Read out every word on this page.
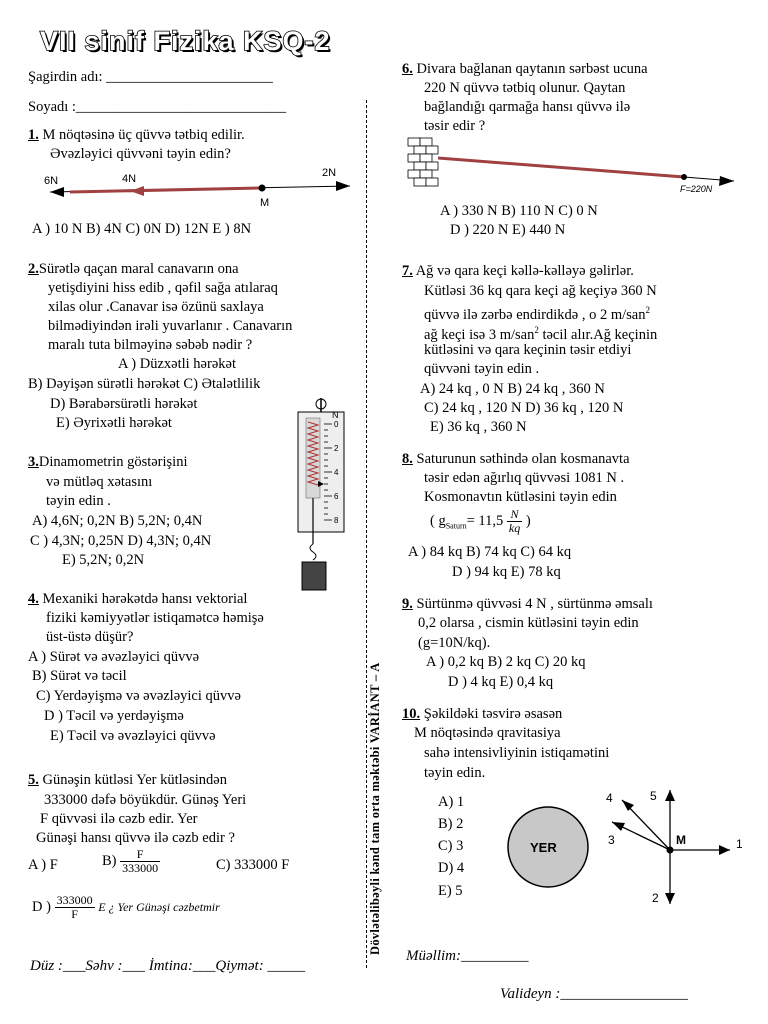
VII sinif Fizika KSQ-2
Şagirdin adı: _______________________
Soyadı :_____________________________
Dövlətəlibəyli kənd tam orta məktəbi VARİANT – A
1. M nöqtəsinə üç qüvvə tətbiq edilir.
Əvəzləyici qüvvəni təyin edin?
6N	4N	2N
M
A ) 10 N B) 4N C) 0N D) 12N E ) 8N
2.Sürətlə qaçan maral canavarın ona
yetişdiyini hiss edib , qəfil sağa atılaraq
xilas olur .Canavar isə özünü saxlaya
bilmədiyindən irəli yuvarlanır . Canavarın
maralı tuta bilməyinə səbəb nədir ?
A ) Düzxətli hərəkət
B) Dəyişən sürətli hərəkət C) Ətalətlilik
D) Bərabərsürətli hərəkət
E) Əyrixətli hərəkət
3.Dinamometrin göstərişini
və mütləq xətasını
təyin edin .
A) 4,6N; 0,2N B) 5,2N; 0,4N
C ) 4,3N; 0,25N D) 4,3N; 0,4N
E) 5,2N; 0,2N
N
0
2
4
6
8
4. Mexaniki hərəkətdə hansı vektorial
fiziki kəmiyyətlər istiqamətcə həmişə
üst-üstə düşür?
A ) Sürət və əvəzləyici qüvvə
B) Sürət və təcil
C) Yerdəyişmə və əvəzləyici qüvvə
D ) Təcil və yerdəyişmə
E) Təcil və əvəzləyici qüvvə
5. Günəşin kütləsi Yer kütləsindən
333000 dəfə böyükdür. Günəş Yeri
F qüvvəsi ilə cəzb edir. Yer
Günəşi hansı qüvvə ilə cəzb edir ?
A ) F	$B) \frac{F}{333000}$	C) 333000 F
D ) $\frac{333000}{F}$ E ¿ Yer Günəşi cəzbetmir
6. Divara bağlanan qaytanın sərbəst ucuna
220 N qüvvə tətbiq olunur. Qaytan
bağlandığı qarmağa hansı qüvvə ilə
təsir edir ?
F=220N
A ) 330 N B) 110 N C) 0 N
D ) 220 N E) 440 N
7. Ağ və qara keçi kəllə-kəlləyə gəlirlər.
Kütləsi 36 kq qara keçi ağ keçiyə 360 N
qüvvə ilə zərbə endirdikdə , o 2 m/san$^2$
ağ keçi isə 3 m/san$^2$ təcil alır.Ağ keçinin
kütləsini və qara keçinin təsir etdiyi
qüvvəni təyin edin .
A) 24 kq , 0 N B) 24 kq , 360 N
C) 24 kq , 120 N D) 36 kq , 120 N
E) 36 kq , 360 N
8. Saturunun səthində olan kosmanavta
təsir edən ağırlıq qüvvəsi 1081 N .
Kosmonavtın kütləsini təyin edin
( $g_{Saturn}= 11,5 \frac{N}{kq}$ )
A ) 84 kq B) 74 kq C) 64 kq
D ) 94 kq E) 78 kq
9. Sürtünmə qüvvəsi 4 N , sürtünmə əmsalı
0,2 olarsa , cismin kütləsini təyin edin
(g=10N/kq).
A ) 0,2 kq B) 2 kq C) 20 kq
D ) 4 kq E) 0,4 kq
10. Şəkildəki təsvirə əsasən
M nöqtəsində qravitasiya
sahə intensivliyinin istiqamətini
təyin edin.
A) 1
B) 2
C) 3
D) 4
E) 5
YER	M	1
2
3
4	5
Düz :___Səhv :___ İmtina:___Qiymət: _____
Müəllim:_________
Valideyn :_________________
